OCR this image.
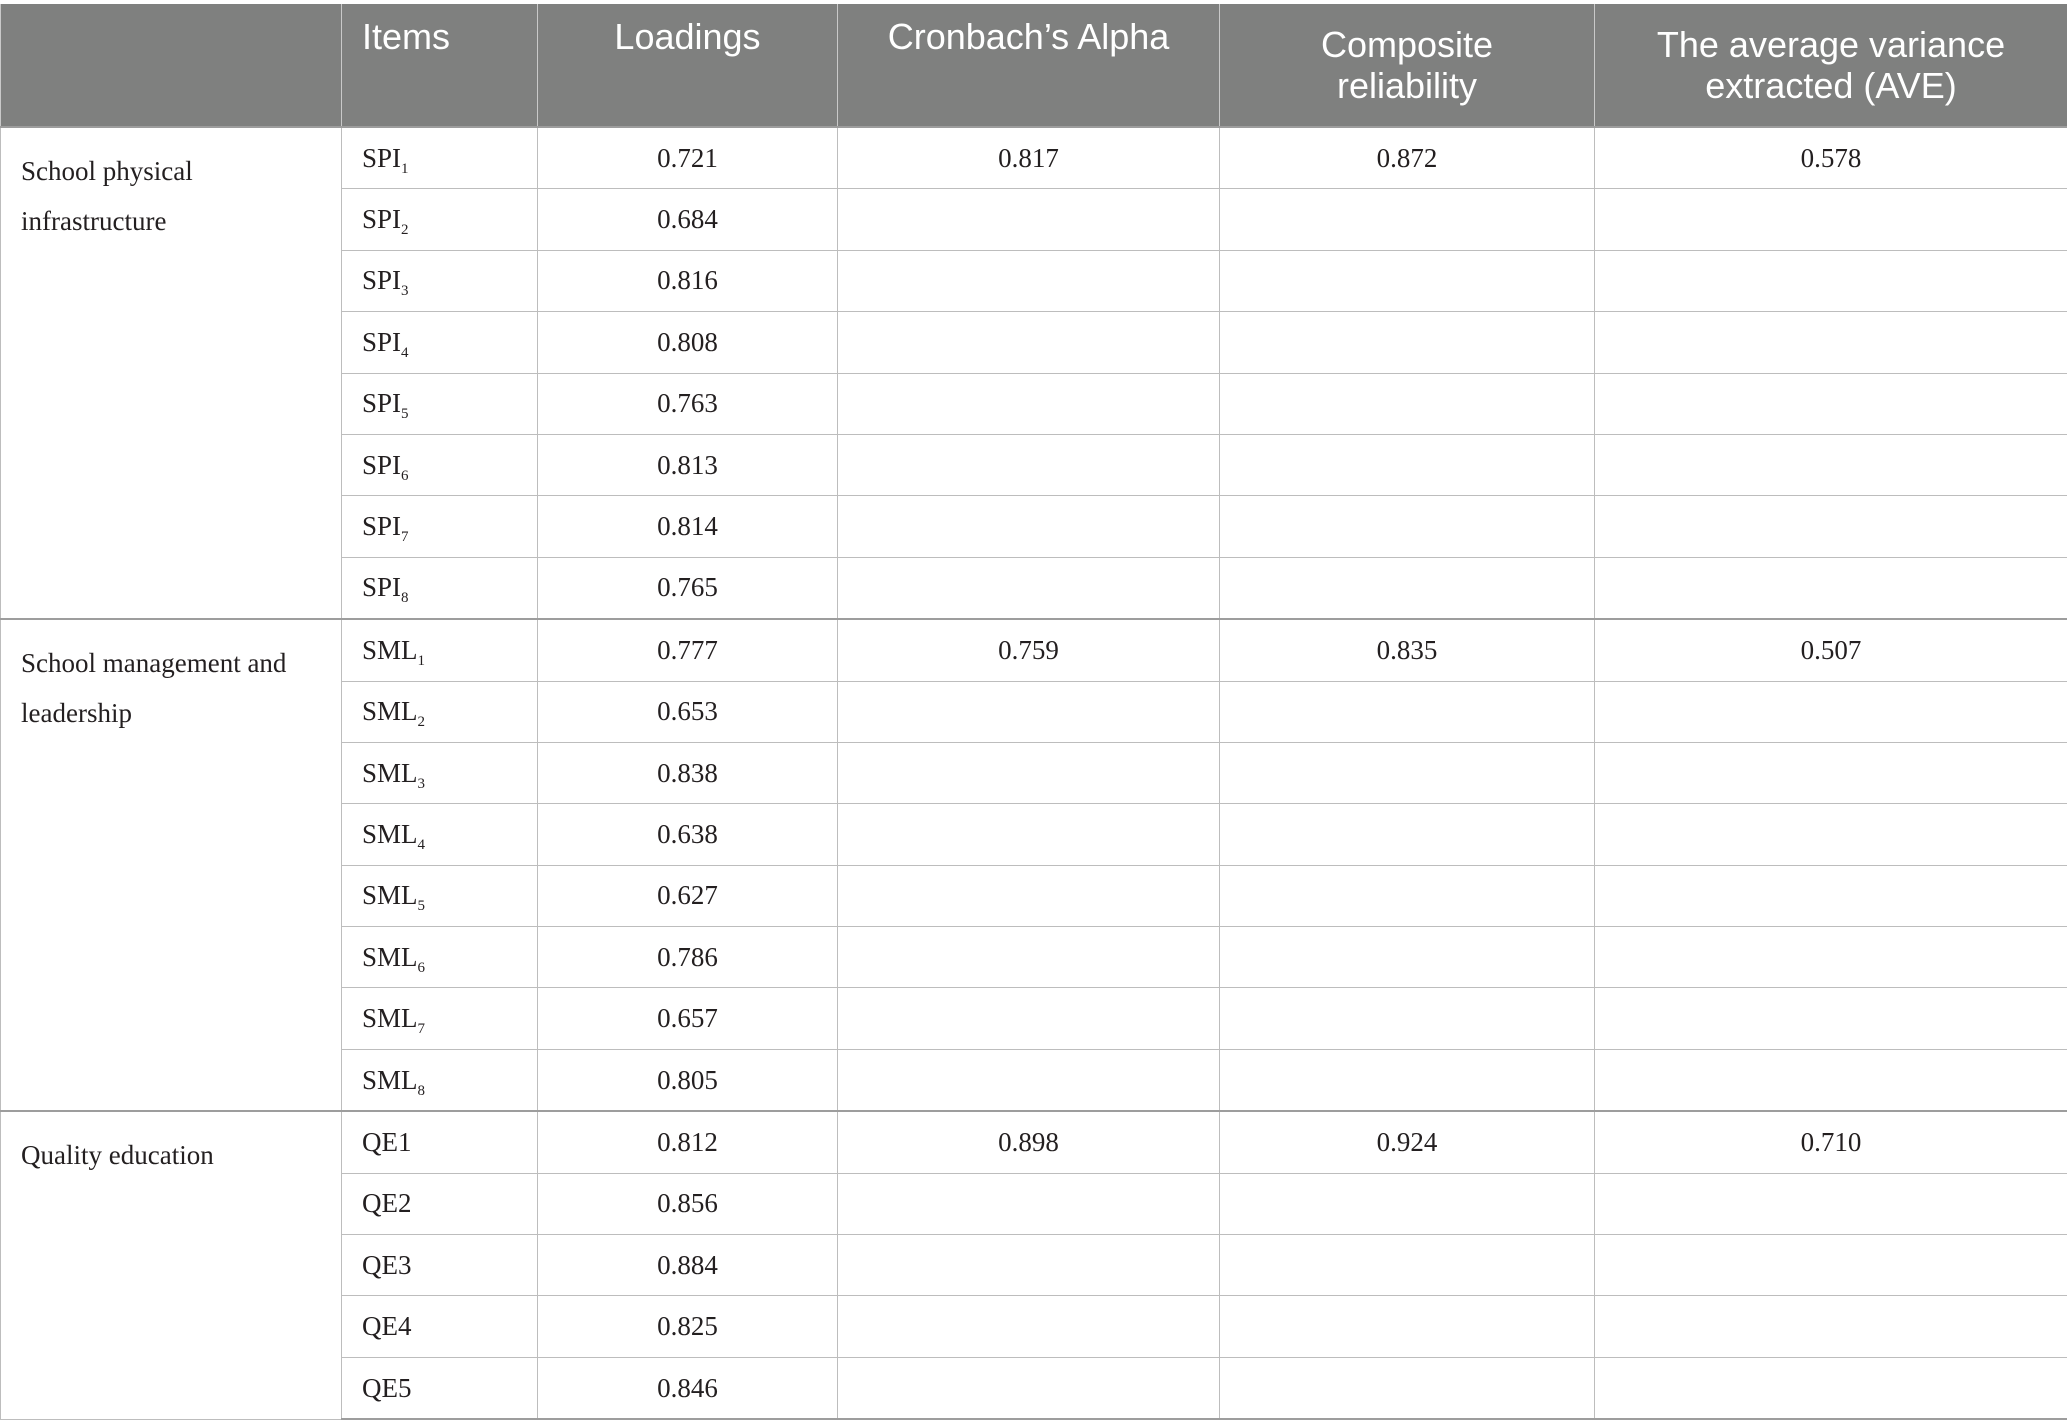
	Items	Loadings	Cronbach’s Alpha	Composite reliability	The average variance extracted (AVE)
School physical infrastructure	$SPI_1$	0.721	0.817	0.872	0.578
	$SPI_2$	0.684			
	$SPI_3$	0.816			
	$SPI_4$	0.808			
	$SPI_5$	0.763			
	$SPI_6$	0.813			
	$SPI_7$	0.814			
	$SPI_8$	0.765			
School management and leadership	$SML_1$	0.777	0.759	0.835	0.507
	$SML_2$	0.653			
	$SML_3$	0.838			
	$SML_4$	0.638			
	$SML_5$	0.627			
	$SML_6$	0.786			
	$SML_7$	0.657			
	$SML_8$	0.805			
Quality education	QE1	0.812	0.898	0.924	0.710
	QE2	0.856			
	QE3	0.884			
	QE4	0.825			
	QE5	0.846			
